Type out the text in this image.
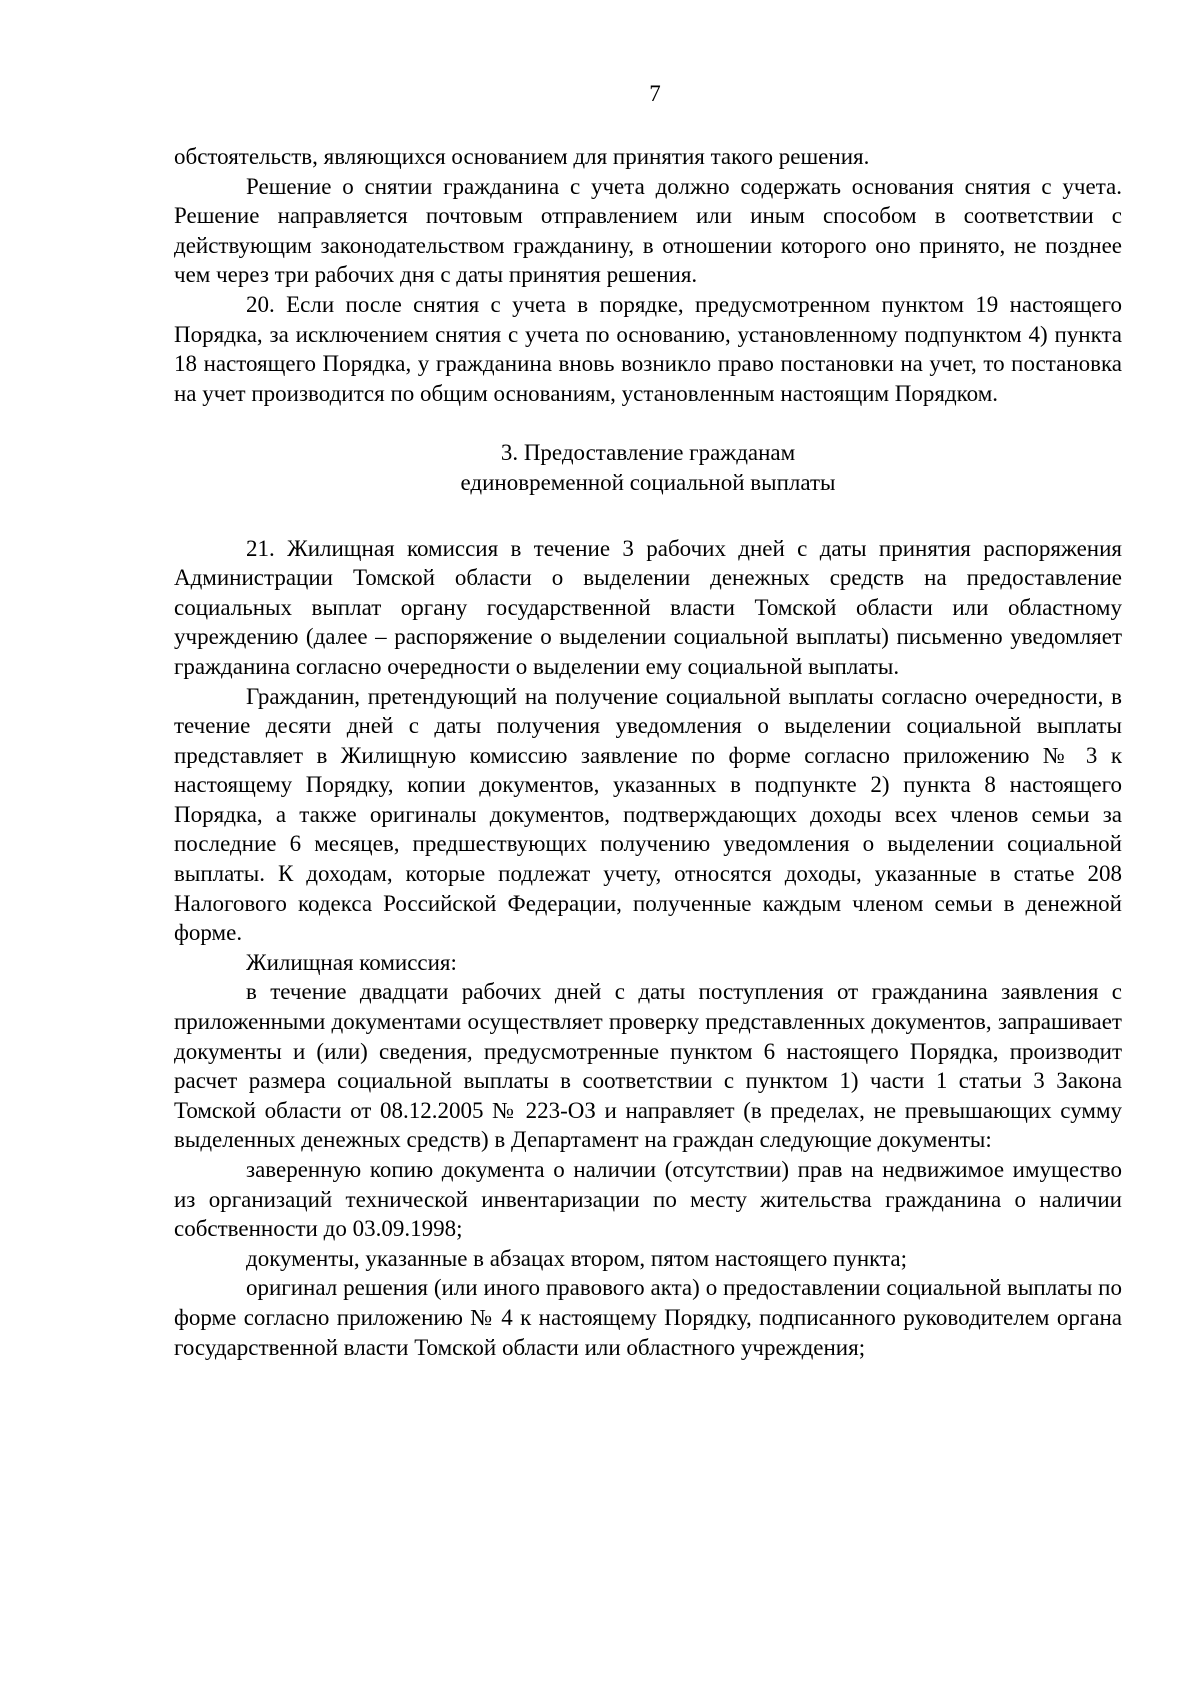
7

обстоятельств, являющихся основанием для принятия такого решения.

Решение о снятии гражданина с учета должно содержать основания снятия с учета. Решение направляется почтовым отправлением или иным способом в соответствии с действующим законодательством гражданину, в отношении которого оно принято, не позднее чем через три рабочих дня с даты принятия решения.

20. Если после снятия с учета в порядке, предусмотренном пунктом 19 настоящего Порядка, за исключением снятия с учета по основанию, установленному подпунктом 4) пункта 18 настоящего Порядка, у гражданина вновь возникло право постановки на учет, то постановка на учет производится по общим основаниям, установленным настоящим Порядком.

3. Предоставление гражданам
единовременной социальной выплаты

21. Жилищная комиссия в течение 3 рабочих дней с даты принятия распоряжения Администрации Томской области о выделении денежных средств на предоставление социальных выплат органу государственной власти Томской области или областному учреждению (далее – распоряжение о выделении социальной выплаты) письменно уведомляет гражданина согласно очередности о выделении ему социальной выплаты.

Гражданин, претендующий на получение социальной выплаты согласно очередности, в течение десяти дней с даты получения уведомления о выделении социальной выплаты представляет в Жилищную комиссию заявление по форме согласно приложению № 3 к настоящему Порядку, копии документов, указанных в подпункте 2) пункта 8 настоящего Порядка, а также оригиналы документов, подтверждающих доходы всех членов семьи за последние 6 месяцев, предшествующих получению уведомления о выделении социальной выплаты. К доходам, которые подлежат учету, относятся доходы, указанные в статье 208 Налогового кодекса Российской Федерации, полученные каждым членом семьи в денежной форме.

Жилищная комиссия:

в течение двадцати рабочих дней с даты поступления от гражданина заявления с приложенными документами осуществляет проверку представленных документов, запрашивает документы и (или) сведения, предусмотренные пунктом 6 настоящего Порядка, производит расчет размера социальной выплаты в соответствии с пунктом 1) части 1 статьи 3 Закона Томской области от 08.12.2005 № 223-ОЗ и направляет (в пределах, не превышающих сумму выделенных денежных средств) в Департамент на граждан следующие документы:

заверенную копию документа о наличии (отсутствии) прав на недвижимое имущество из организаций технической инвентаризации по месту жительства гражданина о наличии собственности до 03.09.1998;

документы, указанные в абзацах втором, пятом настоящего пункта;

оригинал решения (или иного правового акта) о предоставлении социальной выплаты по форме согласно приложению № 4 к настоящему Порядку, подписанного руководителем органа государственной власти Томской области или областного учреждения;
